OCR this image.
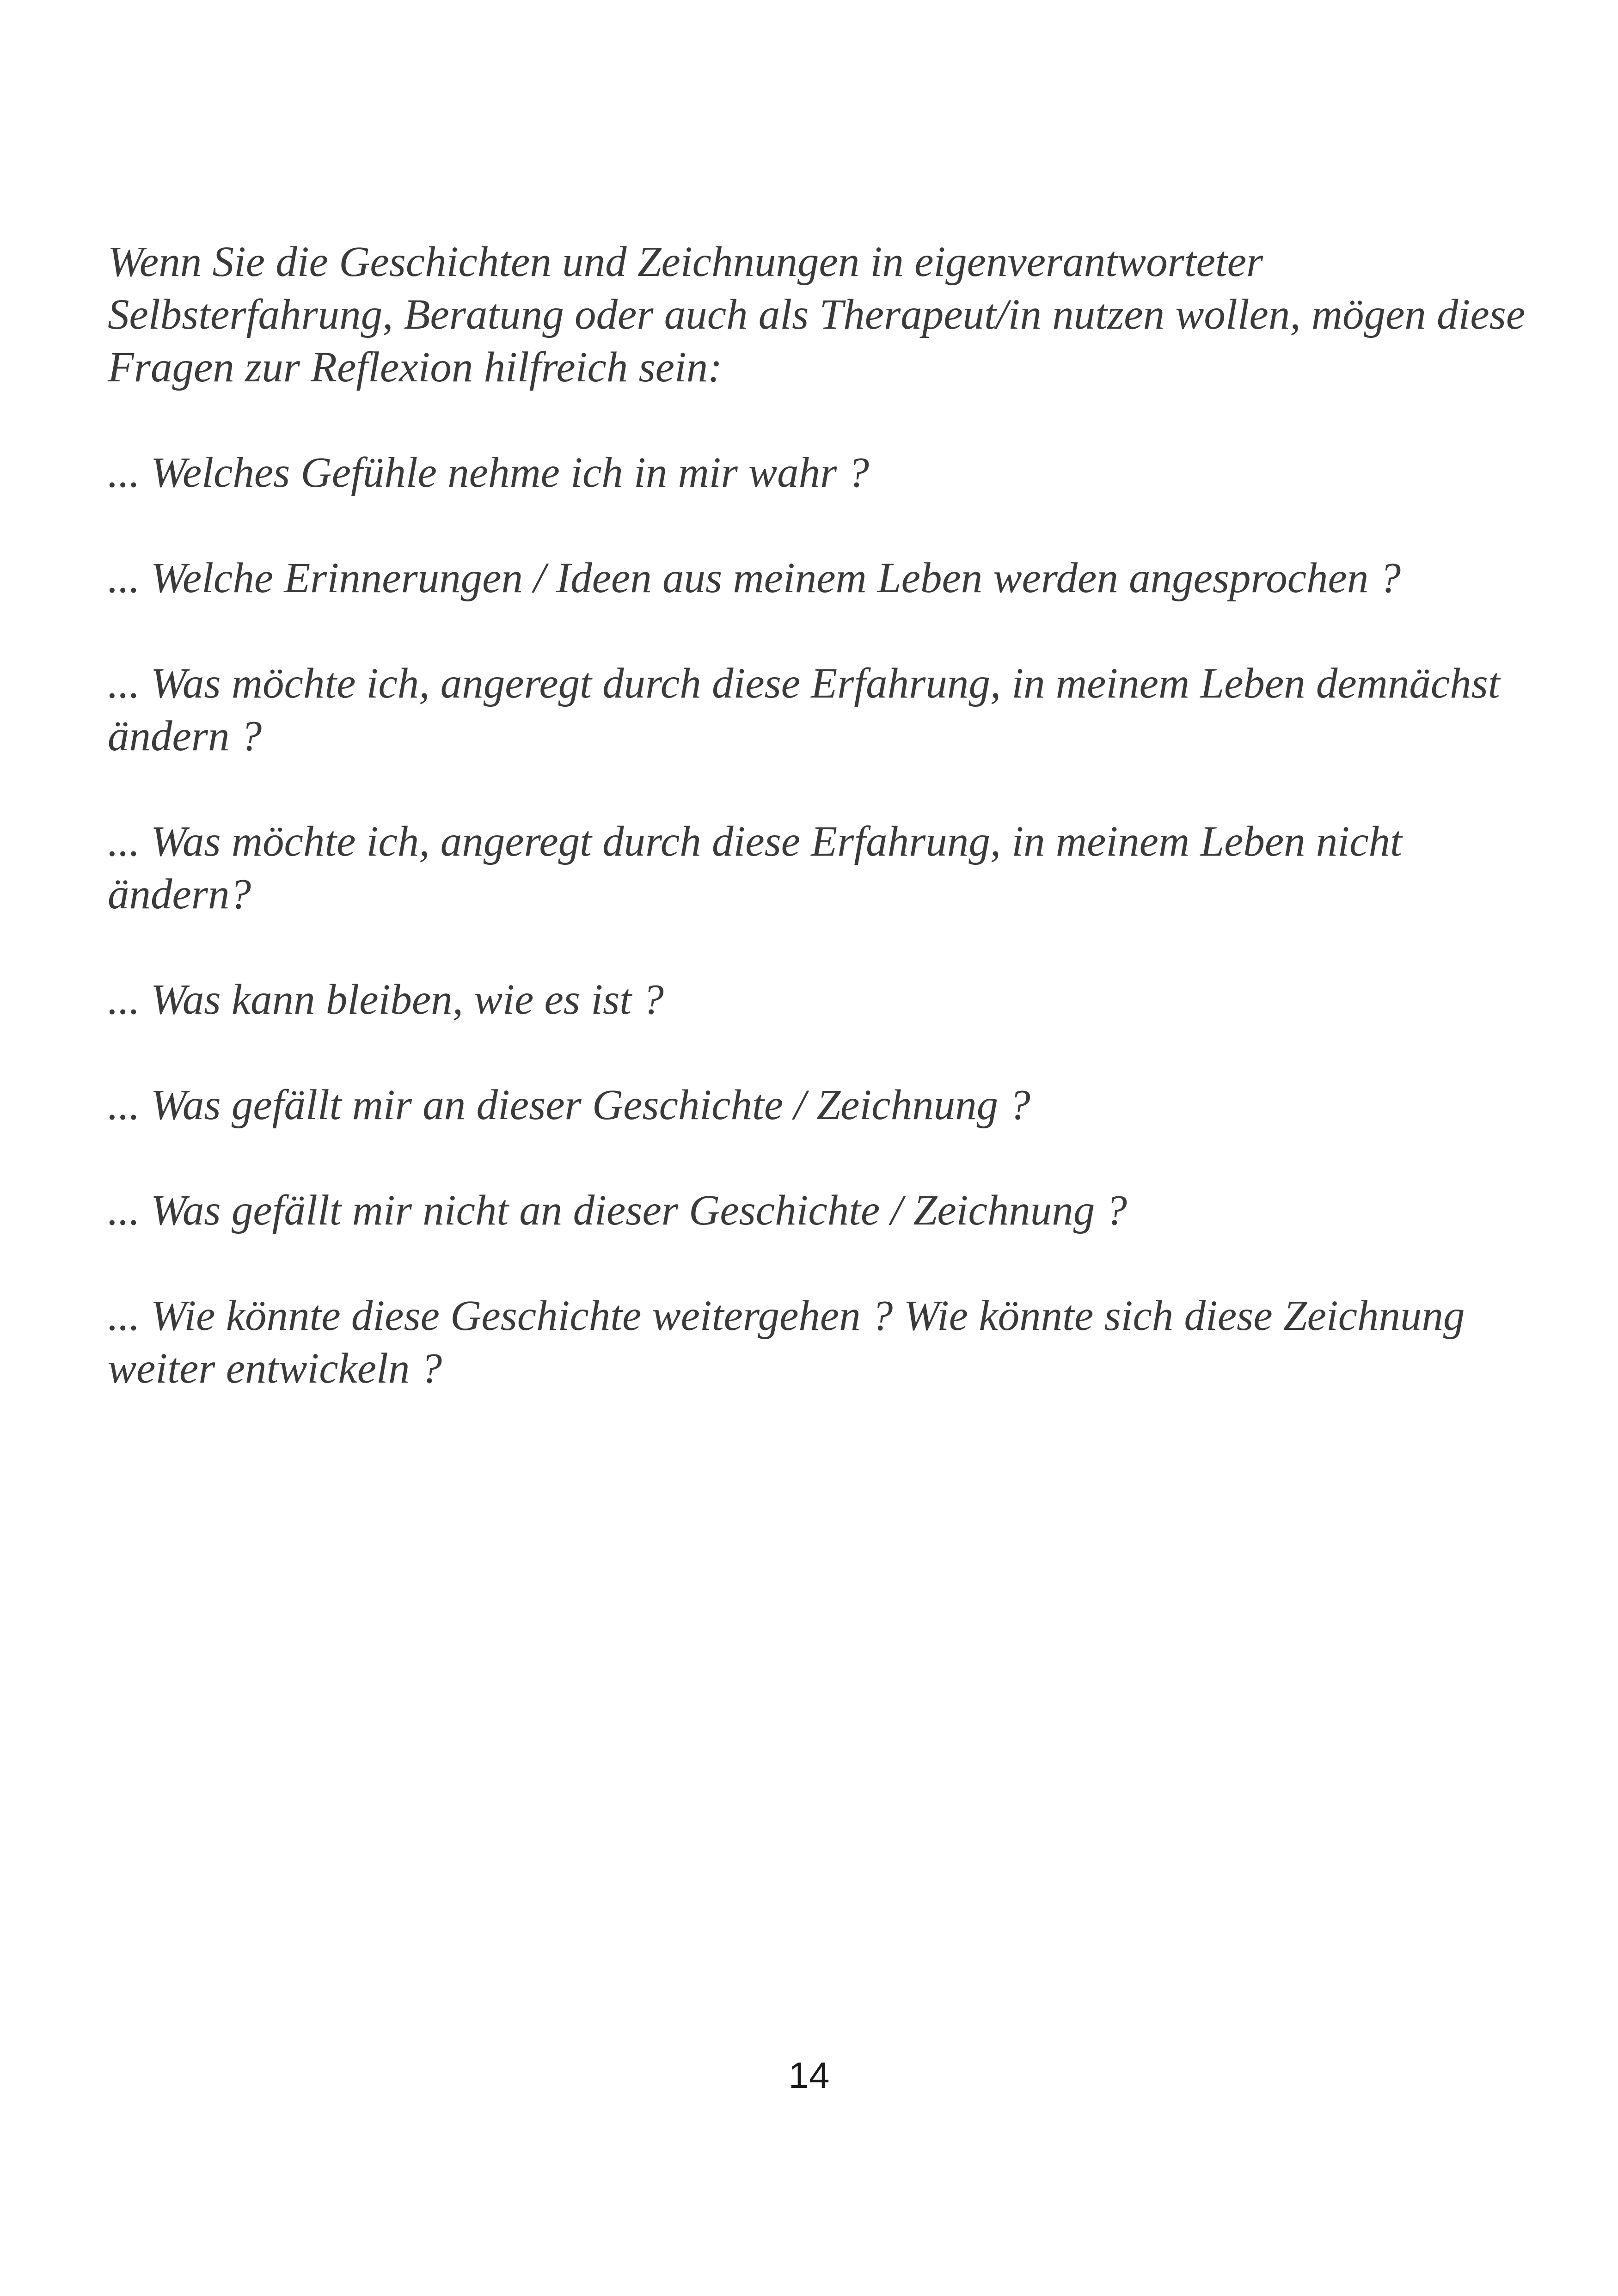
Wenn Sie die Geschichten und Zeichnungen in eigenverantworteter
Selbsterfahrung, Beratung oder auch als Therapeut/in nutzen wollen, mögen diese
Fragen zur Reflexion hilfreich sein:

... Welches Gefühle nehme ich in mir wahr ?

... Welche Erinnerungen / Ideen aus meinem Leben werden angesprochen ?

... Was möchte ich, angeregt durch diese Erfahrung, in meinem Leben demnächst
ändern ?

... Was möchte ich, angeregt durch diese Erfahrung, in meinem Leben nicht
ändern?

... Was kann bleiben, wie es ist ?

... Was gefällt mir an dieser Geschichte / Zeichnung ?

... Was gefällt mir nicht an dieser Geschichte / Zeichnung ?

... Wie könnte diese Geschichte weitergehen ? Wie könnte sich diese Zeichnung
weiter entwickeln ?

14
